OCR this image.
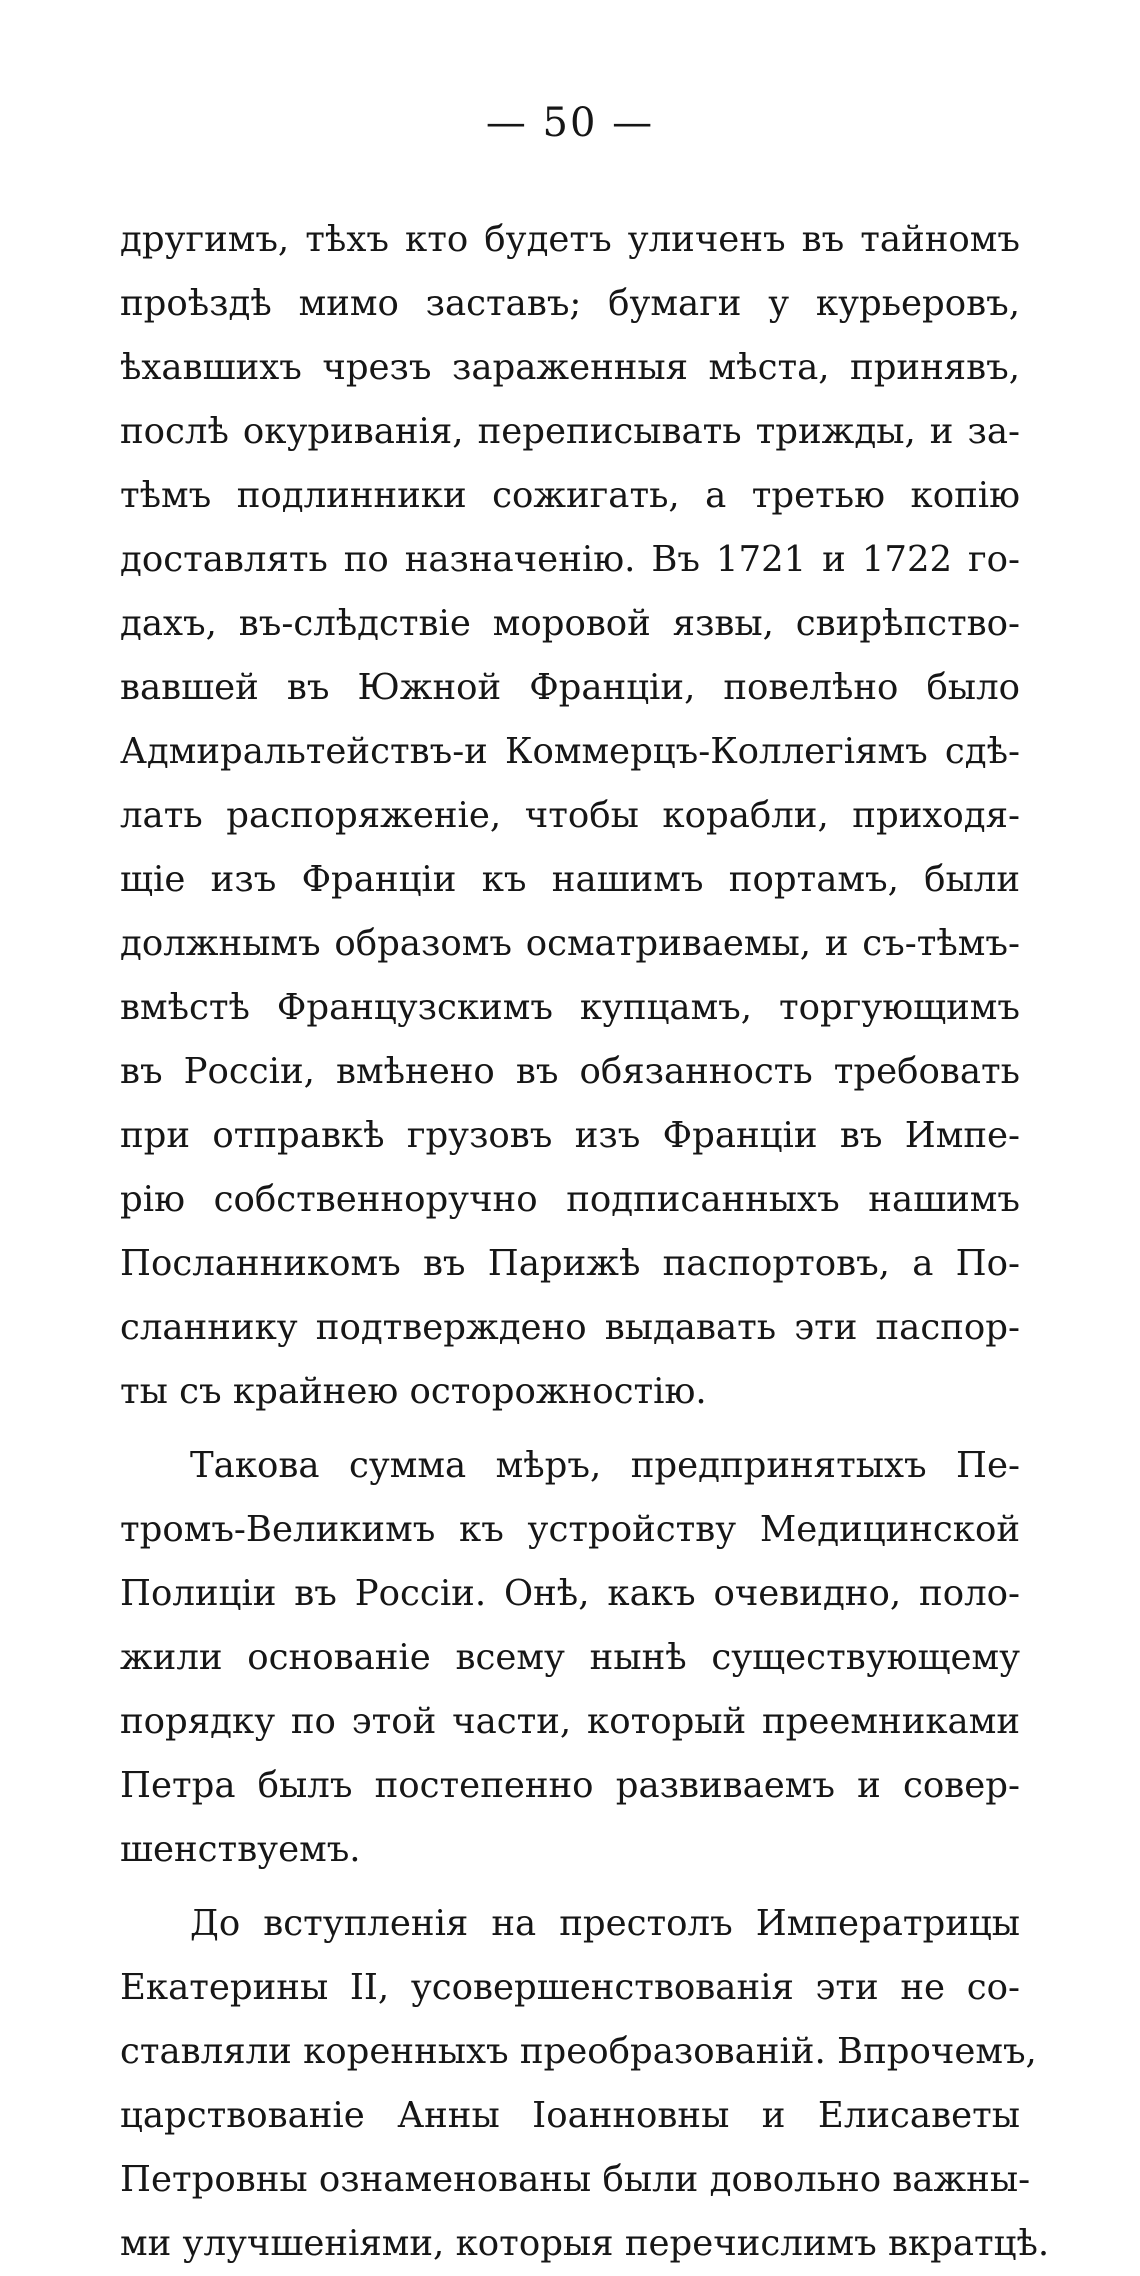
— 50 —
другимъ, тѣхъ кто будетъ уличенъ въ тайномъ
проѣздѣ мимо заставъ; бумаги у курьеровъ,
ѣхавшихъ чрезъ зараженныя мѣста, принявъ,
послѣ окуриванія, переписывать трижды, и за-
тѣмъ подлинники сожигать, а третью копію
доставлять по назначенію. Въ 1721 и 1722 го-
дахъ, въ-слѣдствіе моровой язвы, свирѣпство-
вавшей въ Южной Франціи, повелѣно было
Адмиральтействъ-и Коммерцъ-Коллегіямъ сдѣ-
лать распоряженіе, чтобы корабли, приходя-
щіе изъ Франціи къ нашимъ портамъ, были
должнымъ образомъ осматриваемы, и съ-тѣмъ-
вмѣстѣ Французскимъ купцамъ, торгующимъ
въ Россіи, вмѣнено въ обязанность требовать
при отправкѣ грузовъ изъ Франціи въ Импе-
рію собственноручно подписанныхъ нашимъ
Посланникомъ въ Парижѣ паспортовъ, а По-
сланнику подтверждено выдавать эти паспор-
ты съ крайнею осторожностію.
Такова сумма мѣръ, предпринятыхъ Пе-
тромъ-Великимъ къ устройству Медицинской
Полиціи въ Россіи. Онѣ, какъ очевидно, поло-
жили основаніе всему нынѣ существующему
порядку по этой части, который преемниками
Петра былъ постепенно развиваемъ и совер-
шенствуемъ.
До вступленія на престолъ Императрицы
Екатерины II, усовершенствованія эти не со-
ставляли коренныхъ преобразованій. Впрочемъ,
царствованіе Анны Іоанновны и Елисаветы
Петровны ознаменованы были довольно важны-
ми улучшеніями, которыя перечислимъ вкратцѣ.
